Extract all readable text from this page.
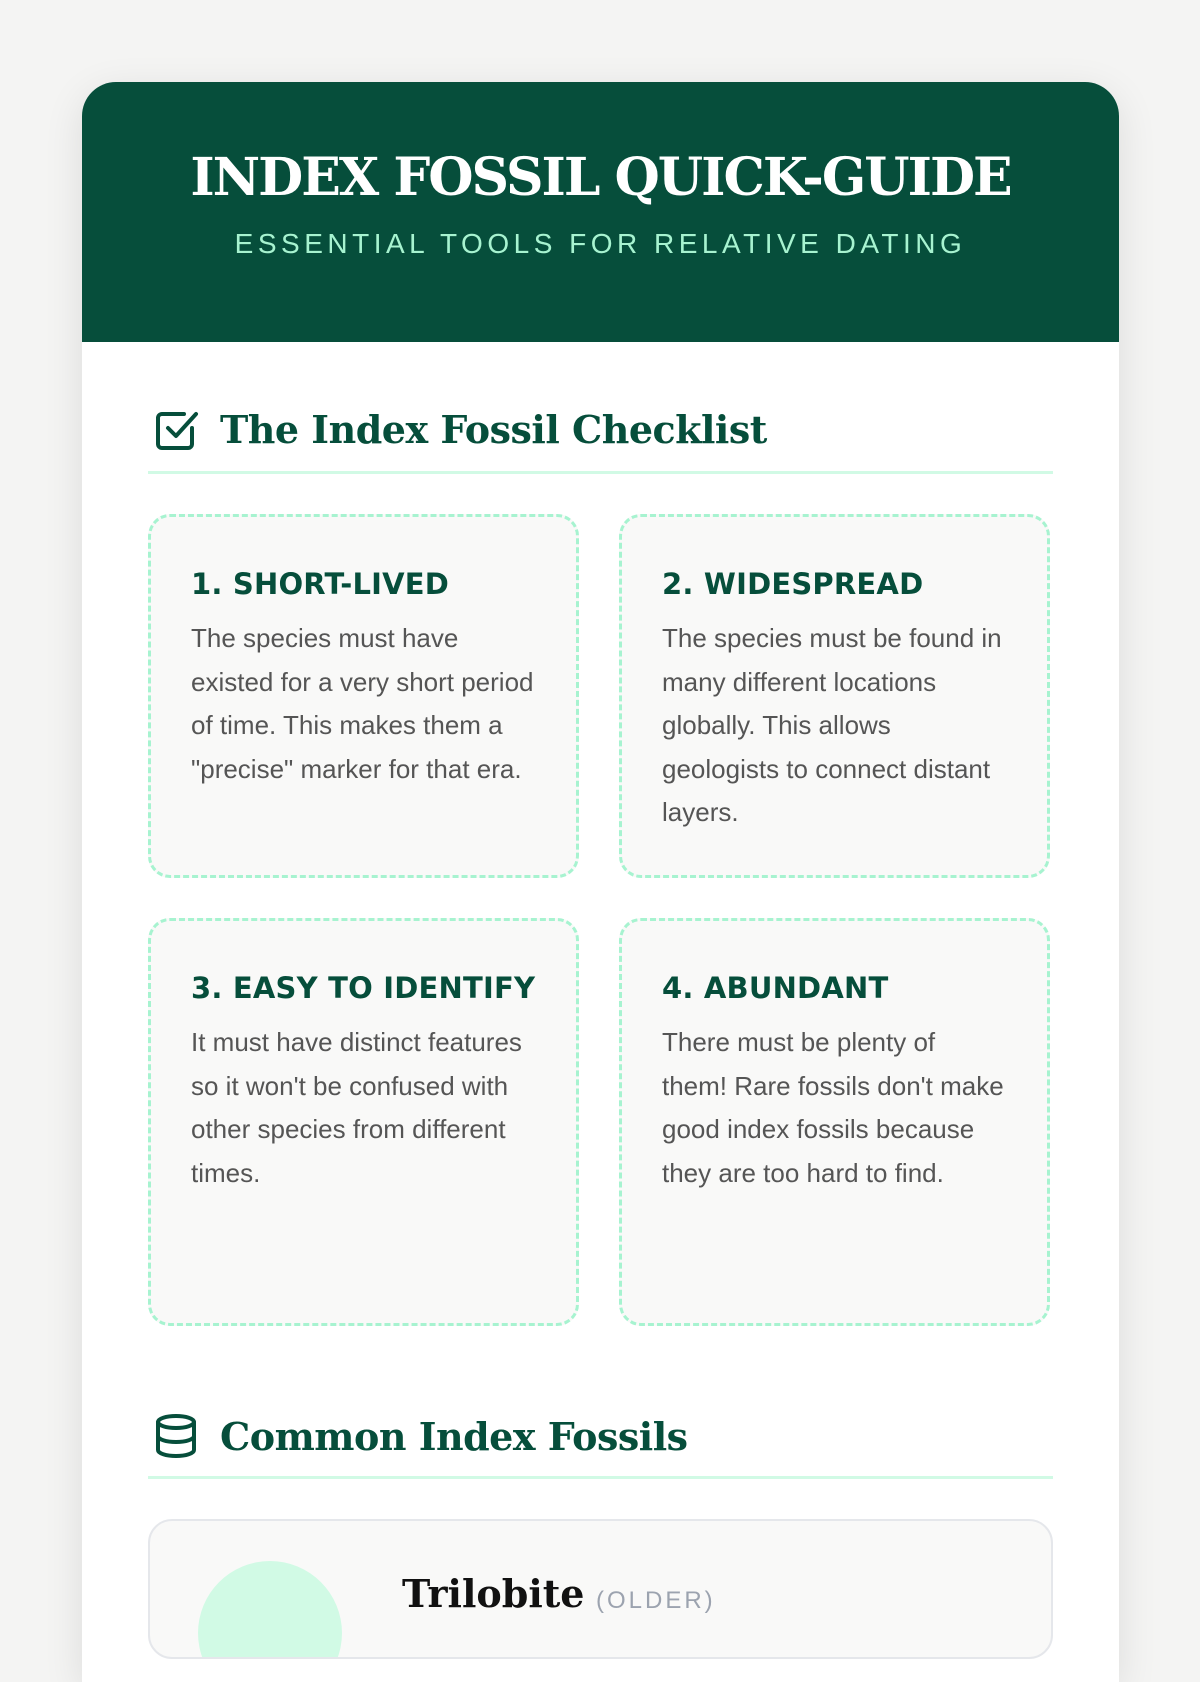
INDEX FOSSIL QUICK-GUIDE
ESSENTIAL TOOLS FOR RELATIVE DATING
The Index Fossil Checklist
1. SHORT-LIVED

The species must have existed for a very short period of time. This makes them a "precise" marker for that era.

2. WIDESPREAD

The species must be found in many different locations globally. This allows geologists to connect distant layers.

3. EASY TO IDENTIFY

It must have distinct features so it won't be confused with other species from different times.

4. ABUNDANT

There must be plenty of them! Rare fossils don't make good index fossils because they are too hard to find.

Common Index Fossils
Trilobite (OLDER)
